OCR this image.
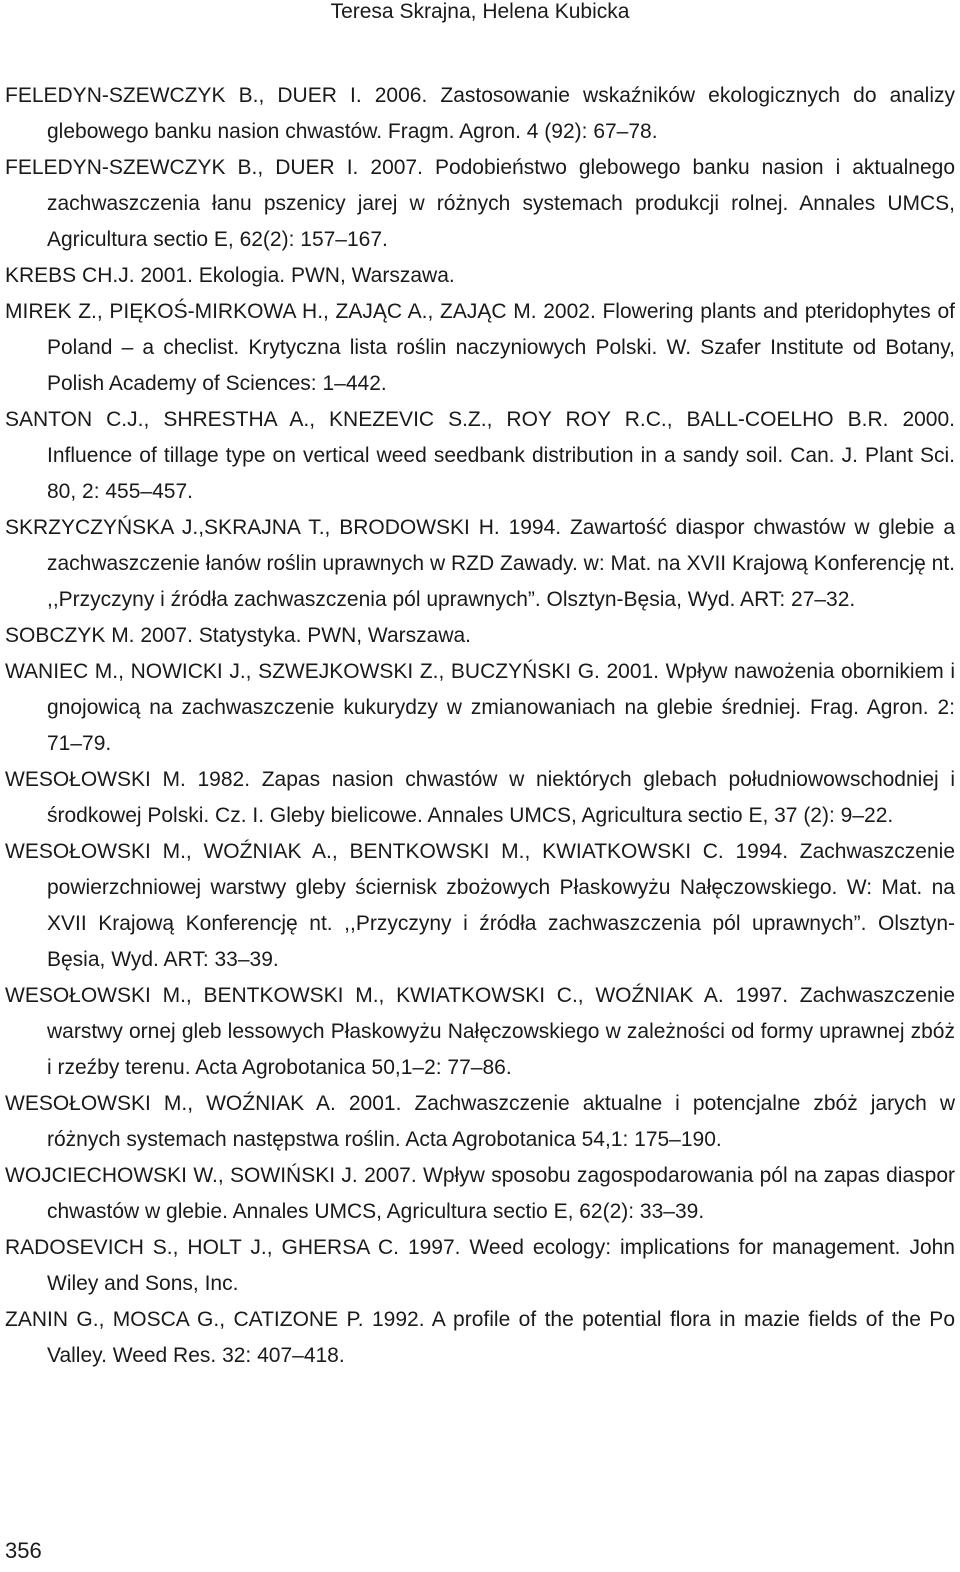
Teresa Skrajna, Helena Kubicka
FELEDYN-SZEWCZYK B., DUER I. 2006. Zastosowanie wskaźników ekologicznych do analizy glebowego banku nasion chwastów. Fragm. Agron. 4 (92): 67–78.
FELEDYN-SZEWCZYK B., DUER I. 2007. Podobieństwo glebowego banku nasion i aktualnego zachwaszczenia łanu pszenicy jarej w różnych systemach produkcji rolnej. Annales UMCS, Agricultura sectio E, 62(2): 157–167.
KREBS CH.J. 2001. Ekologia. PWN, Warszawa.
MIREK Z., PIĘKOŚ-MIRKOWA H., ZAJĄC A., ZAJĄC M. 2002. Flowering plants and pteridophytes of Poland – a checlist. Krytyczna lista roślin naczyniowych Polski. W. Szafer Institute od Botany, Polish Academy of Sciences: 1–442.
SANTON C.J., SHRESTHA A., KNEZEVIC S.Z., ROY ROY R.C., BALL-COELHO B.R. 2000. Influence of tillage type on vertical weed seedbank distribution in a sandy soil. Can. J. Plant Sci. 80, 2: 455–457.
SKRZYCZYŃSKA J.,SKRAJNA T., BRODOWSKI H. 1994. Zawartość diaspor chwastów w glebie a zachwaszczenie łanów roślin uprawnych w RZD Zawady. w: Mat. na XVII Krajową Konferencję nt. ,,Przyczyny i źródła zachwaszczenia pól uprawnych”. Olsztyn-Bęsia, Wyd. ART: 27–32.
SOBCZYK M. 2007. Statystyka. PWN, Warszawa.
WANIEC M., NOWICKI J., SZWEJKOWSKI Z., BUCZYŃSKI G. 2001. Wpływ nawożenia obornikiem i gnojowicą na zachwaszczenie kukurydzy w zmianowaniach na glebie średniej. Frag. Agron. 2: 71–79.
WESOŁOWSKI M. 1982. Zapas nasion chwastów w niektórych glebach południowowschodniej i środkowej Polski. Cz. I. Gleby bielicowe. Annales UMCS, Agricultura sectio E, 37 (2): 9–22.
WESOŁOWSKI M., WOŹNIAK A., BENTKOWSKI M., KWIATKOWSKI C. 1994. Zachwaszczenie powierzchniowej warstwy gleby ściernisk zbożowych Płaskowyżu Nałęczowskiego. W: Mat. na XVII Krajową Konferencję nt. ,,Przyczyny i źródła zachwaszczenia pól uprawnych”. Olsztyn-Bęsia, Wyd. ART: 33–39.
WESOŁOWSKI M., BENTKOWSKI M., KWIATKOWSKI C., WOŹNIAK A. 1997. Zachwaszczenie warstwy ornej gleb lessowych Płaskowyżu Nałęczowskiego w zależności od formy uprawnej zbóż i rzeźby terenu. Acta Agrobotanica 50,1–2: 77–86.
WESOŁOWSKI M., WOŹNIAK A. 2001. Zachwaszczenie aktualne i potencjalne zbóż jarych w różnych systemach następstwa roślin. Acta Agrobotanica 54,1: 175–190.
WOJCIECHOWSKI W., SOWIŃSKI J. 2007. Wpływ sposobu zagospodarowania pól na zapas diaspor chwastów w glebie. Annales UMCS, Agricultura sectio E, 62(2): 33–39.
RADOSEVICH S., HOLT J., GHERSA C. 1997. Weed ecology: implications for management. John Wiley and Sons, Inc.
ZANIN G., MOSCA G., CATIZONE P. 1992. A profile of the potential flora in mazie fields of the Po Valley. Weed Res. 32: 407–418.
356
